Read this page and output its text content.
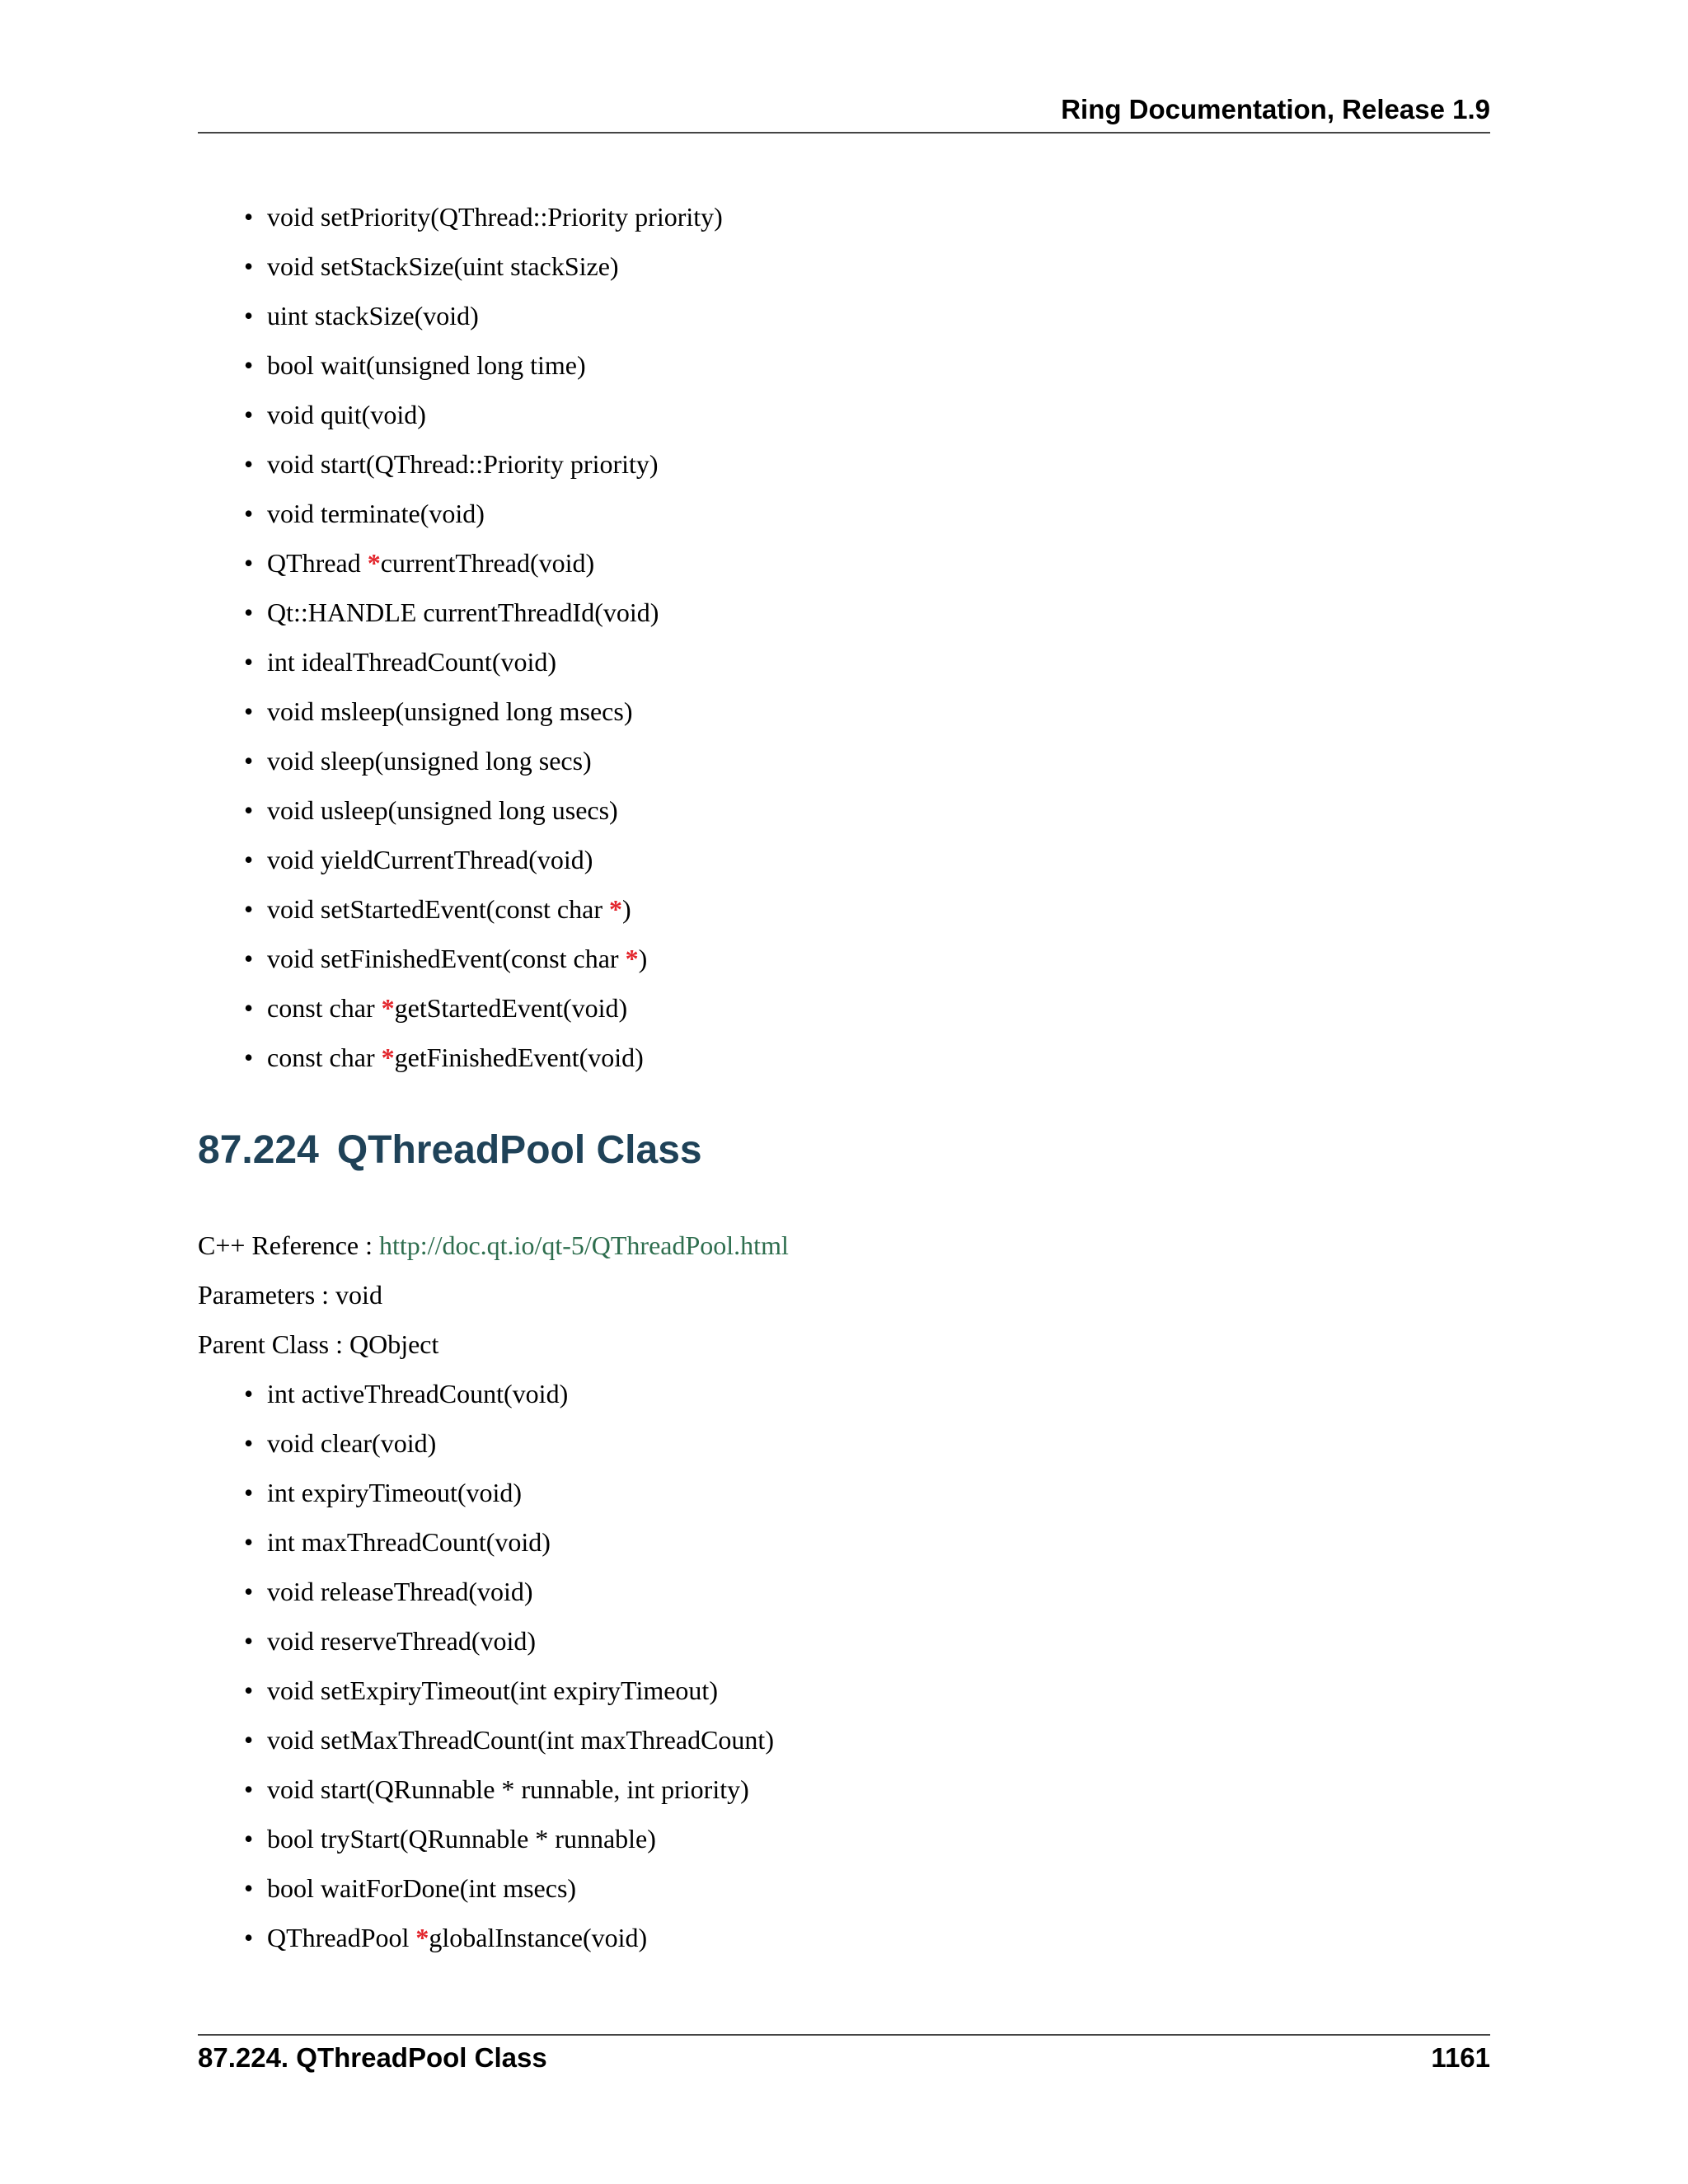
Ring Documentation, Release 1.9
• void setPriority(QThread::Priority priority)
• void setStackSize(uint stackSize)
• uint stackSize(void)
• bool wait(unsigned long time)
• void quit(void)
• void start(QThread::Priority priority)
• void terminate(void)
• QThread *currentThread(void)
• Qt::HANDLE currentThreadId(void)
• int idealThreadCount(void)
• void msleep(unsigned long msecs)
• void sleep(unsigned long secs)
• void usleep(unsigned long usecs)
• void yieldCurrentThread(void)
• void setStartedEvent(const char *)
• void setFinishedEvent(const char *)
• const char *getStartedEvent(void)
• const char *getFinishedEvent(void)
87.224 QThreadPool Class
C++ Reference : http://doc.qt.io/qt-5/QThreadPool.html
Parameters : void
Parent Class : QObject
• int activeThreadCount(void)
• void clear(void)
• int expiryTimeout(void)
• int maxThreadCount(void)
• void releaseThread(void)
• void reserveThread(void)
• void setExpiryTimeout(int expiryTimeout)
• void setMaxThreadCount(int maxThreadCount)
• void start(QRunnable * runnable, int priority)
• bool tryStart(QRunnable * runnable)
• bool waitForDone(int msecs)
• QThreadPool *globalInstance(void)
87.224. QThreadPool Class	1161
